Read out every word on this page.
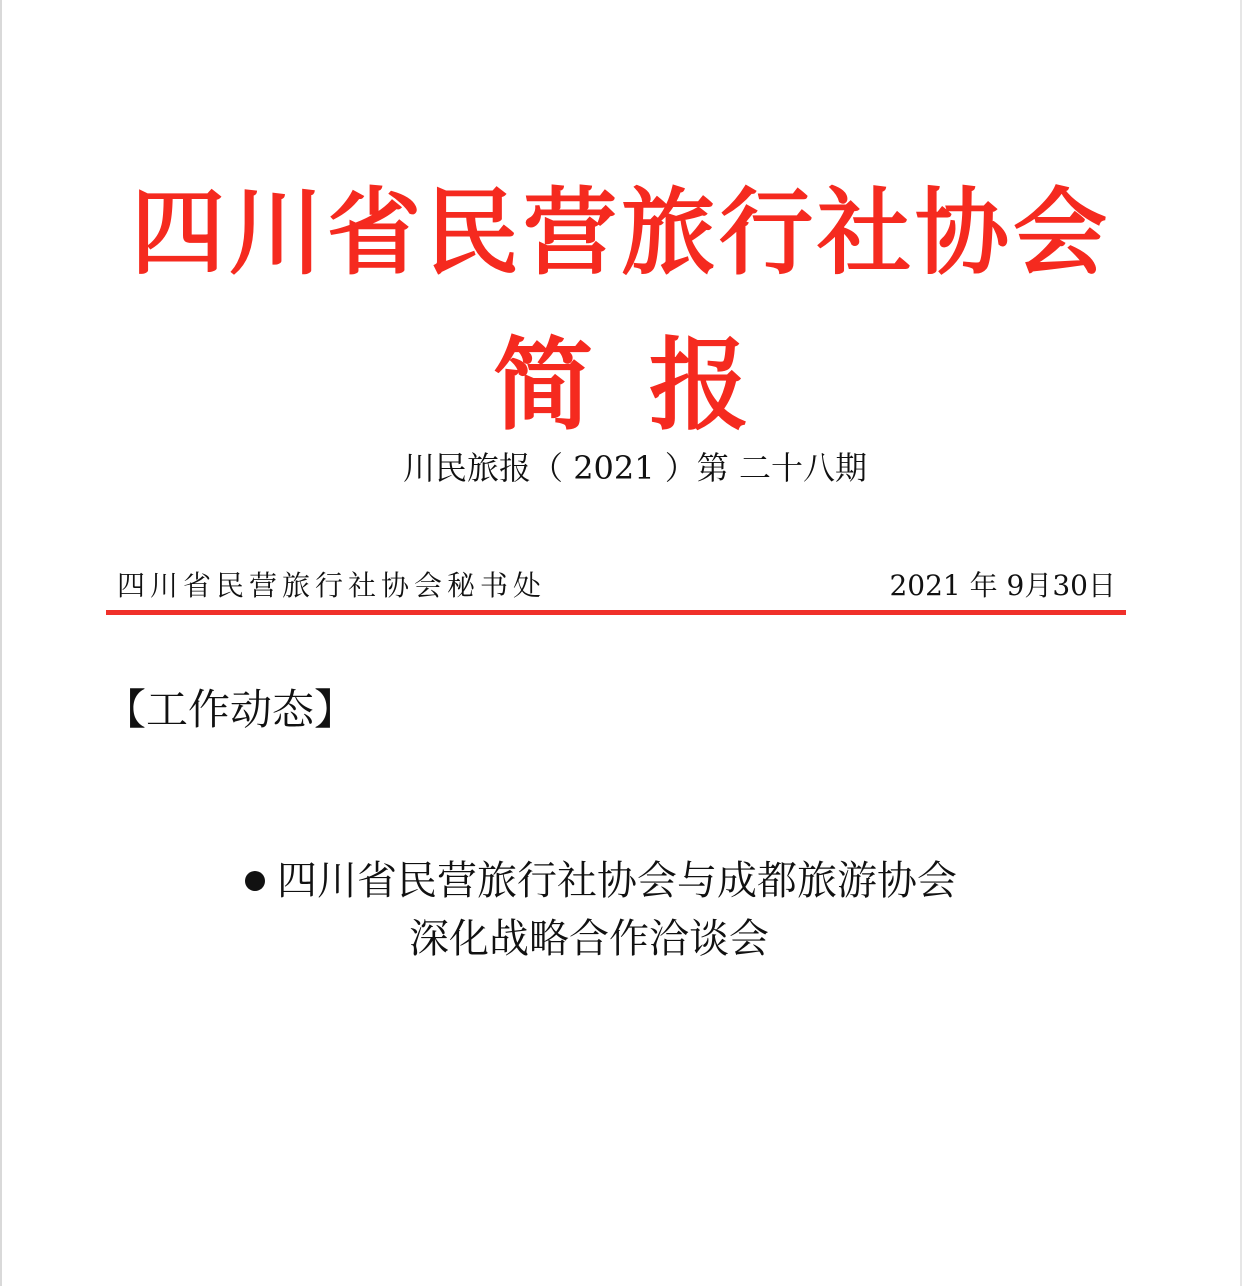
四川省民营旅行社协会
简报
川民旅报（ 2021 ）第 二十八期
四川省民营旅行社协会秘书处	2021 年 9月30日
【工作动态】
四川省民营旅行社协会与成都旅游协会
深化战略合作洽谈会
